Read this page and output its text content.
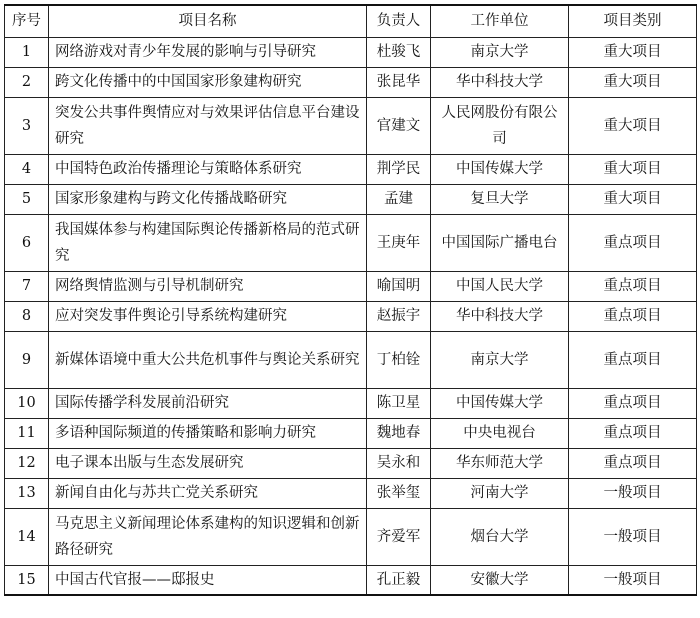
序号	项目名称	负责人	工作单位	项目类别
1	网络游戏对青少年发展的影响与引导研究	杜骏飞	南京大学	重大项目
2	跨文化传播中的中国国家形象建构研究	张昆华	华中科技大学	重大项目
3	突发公共事件舆情应对与效果评估信息平台建设研究	官建文	人民网股份有限公司	重大项目
4	中国特色政治传播理论与策略体系研究	荆学民	中国传媒大学	重大项目
5	国家形象建构与跨文化传播战略研究	孟建	复旦大学	重大项目
6	我国媒体参与构建国际舆论传播新格局的范式研究	王庚年	中国国际广播电台	重点项目
7	网络舆情监测与引导机制研究	喻国明	中国人民大学	重点项目
8	应对突发事件舆论引导系统构建研究	赵振宇	华中科技大学	重点项目
9	新媒体语境中重大公共危机事件与舆论关系研究	丁柏铨	南京大学	重点项目
10	国际传播学科发展前沿研究	陈卫星	中国传媒大学	重点项目
11	多语种国际频道的传播策略和影响力研究	魏地春	中央电视台	重点项目
12	电子课本出版与生态发展研究	吴永和	华东师范大学	重点项目
13	新闻自由化与苏共亡党关系研究	张举玺	河南大学	一般项目
14	马克思主义新闻理论体系建构的知识逻辑和创新路径研究	齐爱军	烟台大学	一般项目
15	中国古代官报——邸报史	孔正毅	安徽大学	一般项目
